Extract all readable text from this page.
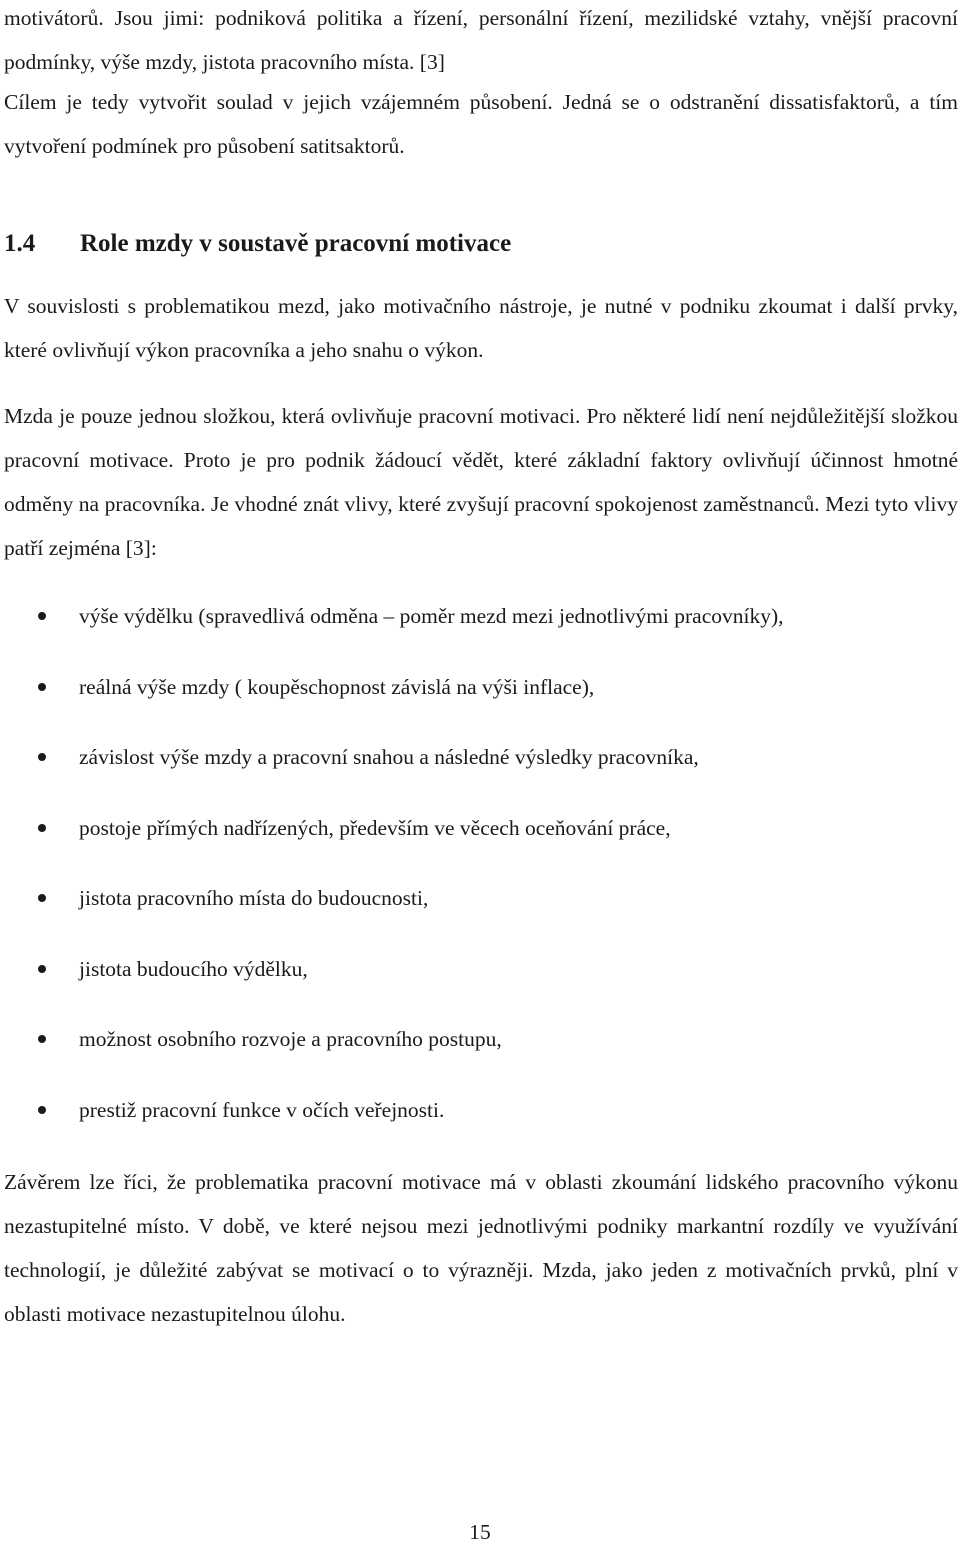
motivátorů. Jsou jimi: podniková politika a řízení, personální řízení, mezilidské vztahy, vnější pracovní podmínky, výše mzdy, jistota pracovního místa. [3]

Cílem je tedy vytvořit soulad v jejich vzájemném působení. Jedná se o odstranění dissatisfaktorů, a tím vytvoření podmínek pro působení satitsaktorů.

1.4 Role mzdy v soustavě pracovní motivace

V souvislosti s problematikou mezd, jako motivačního nástroje, je nutné v podniku zkoumat i další prvky, které ovlivňují výkon pracovníka a jeho snahu o výkon.

Mzda je pouze jednou složkou, která ovlivňuje pracovní motivaci. Pro některé lidí není nejdůležitější složkou pracovní motivace. Proto je pro podnik žádoucí vědět, které základní faktory ovlivňují účinnost hmotné odměny na pracovníka. Je vhodné znát vlivy, které zvyšují pracovní spokojenost zaměstnanců. Mezi tyto vlivy patří zejména [3]:

výše výdělku (spravedlivá odměna – poměr mezd mezi jednotlivými pracovníky),
reálná výše mzdy ( koupěschopnost závislá na výši inflace),
závislost výše mzdy a pracovní snahou a následné výsledky pracovníka,
postoje přímých nadřízených, především ve věcech oceňování práce,
jistota pracovního místa do budoucnosti,
jistota budoucího výdělku,
možnost osobního rozvoje a pracovního postupu,
prestiž pracovní funkce v očích veřejnosti.

Závěrem lze říci, že problematika pracovní motivace má v oblasti zkoumání lidského pracovního výkonu nezastupitelné místo. V době, ve které nejsou mezi jednotlivými podniky markantní rozdíly ve využívání technologií, je důležité zabývat se motivací o to výrazněji. Mzda, jako jeden z motivačních prvků, plní v oblasti motivace nezastupitelnou úlohu.

15
